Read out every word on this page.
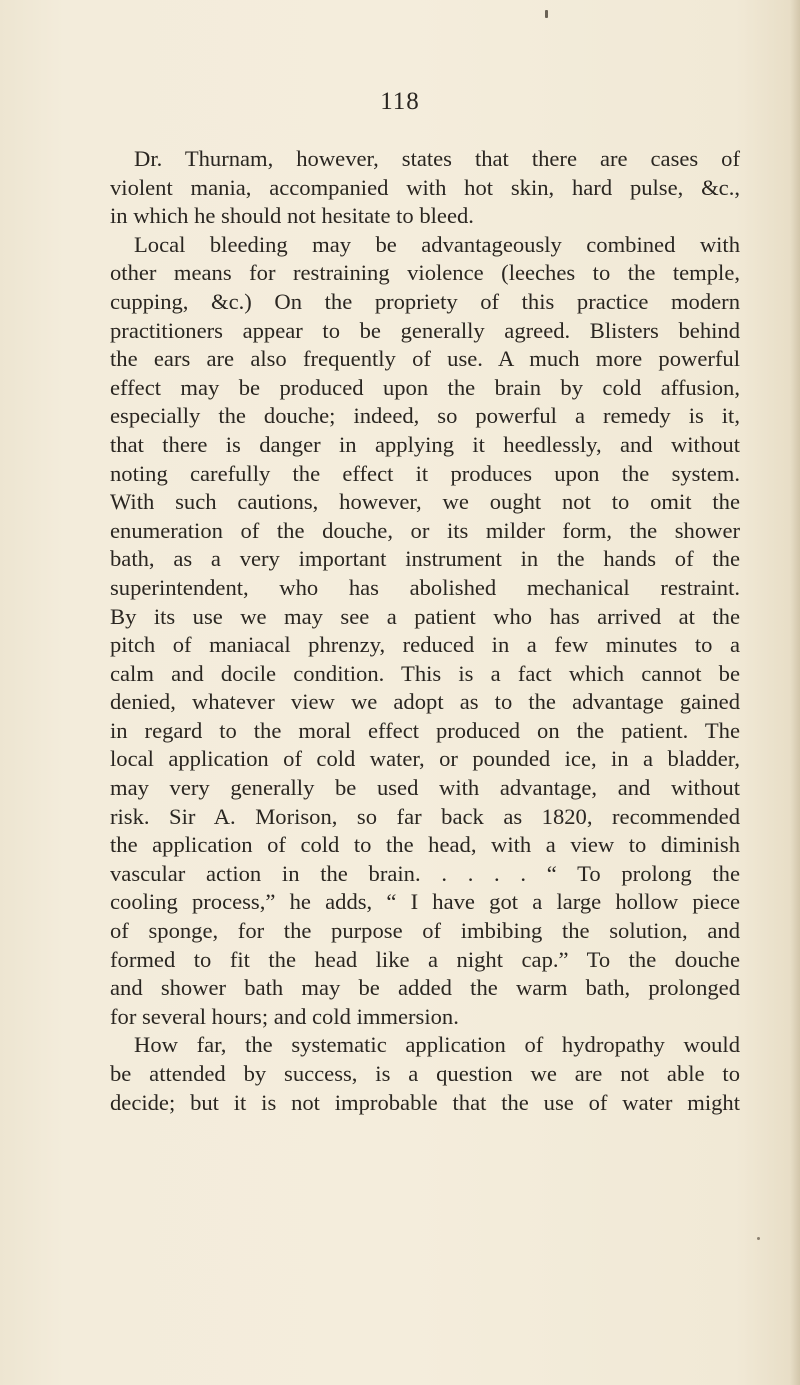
118
Dr. Thurnam, however, states that there are cases of
violent mania, accompanied with hot skin, hard pulse, &c.,
in which he should not hesitate to bleed.
Local bleeding may be advantageously combined with
other means for restraining violence (leeches to the temple,
cupping, &c.) On the propriety of this practice modern
practitioners appear to be generally agreed. Blisters behind
the ears are also frequently of use. A much more powerful
effect may be produced upon the brain by cold affusion,
especially the douche; indeed, so powerful a remedy is it,
that there is danger in applying it heedlessly, and without
noting carefully the effect it produces upon the system.
With such cautions, however, we ought not to omit the
enumeration of the douche, or its milder form, the shower
bath, as a very important instrument in the hands of the
superintendent, who has abolished mechanical restraint.
By its use we may see a patient who has arrived at the
pitch of maniacal phrenzy, reduced in a few minutes to a
calm and docile condition. This is a fact which cannot be
denied, whatever view we adopt as to the advantage gained
in regard to the moral effect produced on the patient. The
local application of cold water, or pounded ice, in a bladder,
may very generally be used with advantage, and without
risk. Sir A. Morison, so far back as 1820, recommended
the application of cold to the head, with a view to diminish
vascular action in the brain. . . . . “ To prolong the
cooling process,” he adds, “ I have got a large hollow piece
of sponge, for the purpose of imbibing the solution, and
formed to fit the head like a night cap.” To the douche
and shower bath may be added the warm bath, prolonged
for several hours; and cold immersion.
How far, the systematic application of hydropathy would
be attended by success, is a question we are not able to
decide; but it is not improbable that the use of water might
